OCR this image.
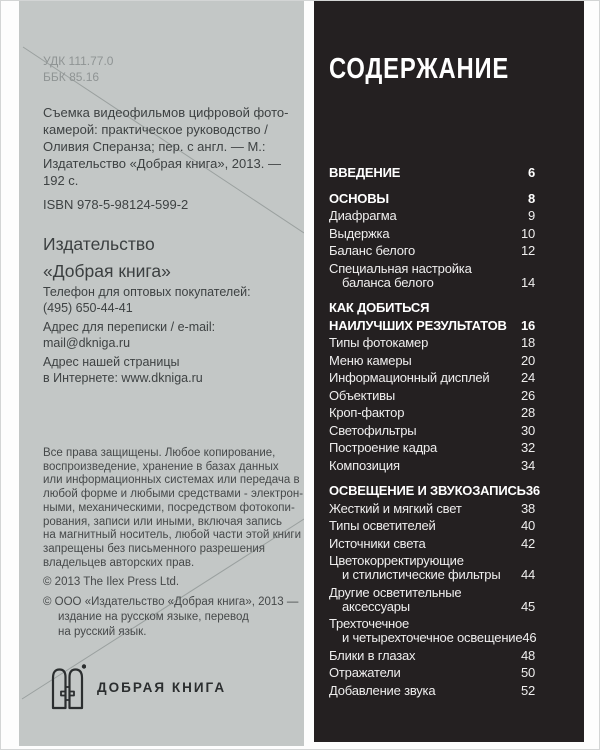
УДК 111.77.0
ББК 85.16
Съемка видеофильмов цифровой фото-
камерой: практическое руководство /
Оливия Сперанза; пер. с англ. — М.:
Издательство «Добрая книга», 2013. —
192 с.
ISBN 978-5-98124-599-2
Издательство
«Добрая книга»
Телефон для оптовых покупателей:
(495) 650-44-41
Адрес для переписки / e-mail:
mail@dkniga.ru
Адрес нашей страницы
в Интернете: www.dkniga.ru
Все права защищены. Любое копирование,
воспроизведение, хранение в базах данных
или информационных системах или передача в
любой форме и любыми средствами - электрон-
ными, механическими, посредством фотокопи-
рования, записи или иными, включая запись
на магнитный носитель, любой части этой книги
запрещены без письменного разрешения
владельцев авторских прав.
© 2013 The Ilex Press Ltd.
© ООО «Издательство «Добрая книга», 2013 —
издание на русском языке, перевод
на русский язык.
ДОБРАЯ КНИГА
СОДЕРЖАНИЕ
ВВЕДЕНИЕ	6
ОСНОВЫ	8
Диафрагма	9
Выдержка	10
Баланс белого	12
Специальная настройка
баланса белого	14
КАК ДОБИТЬСЯ
НАИЛУЧШИХ РЕЗУЛЬТАТОВ 16
Типы фотокамер	18
Меню камеры	20
Информационный дисплей 24
Объективы	26
Кроп-фактор	28
Светофильтры	30
Построение кадра	32
Композиция	34
ОСВЕЩЕНИЕ И ЗВУКОЗАПИСЬ 36
Жесткий и мягкий свет	38
Типы осветителей	40
Источники света	42
Цветокорректирующие
и стилистические фильтры 44
Другие осветительные
аксессуары	45
Трехточечное
и четырехточечное освещение 46
Блики в глазах	48
Отражатели	50
Добавление звука	52
